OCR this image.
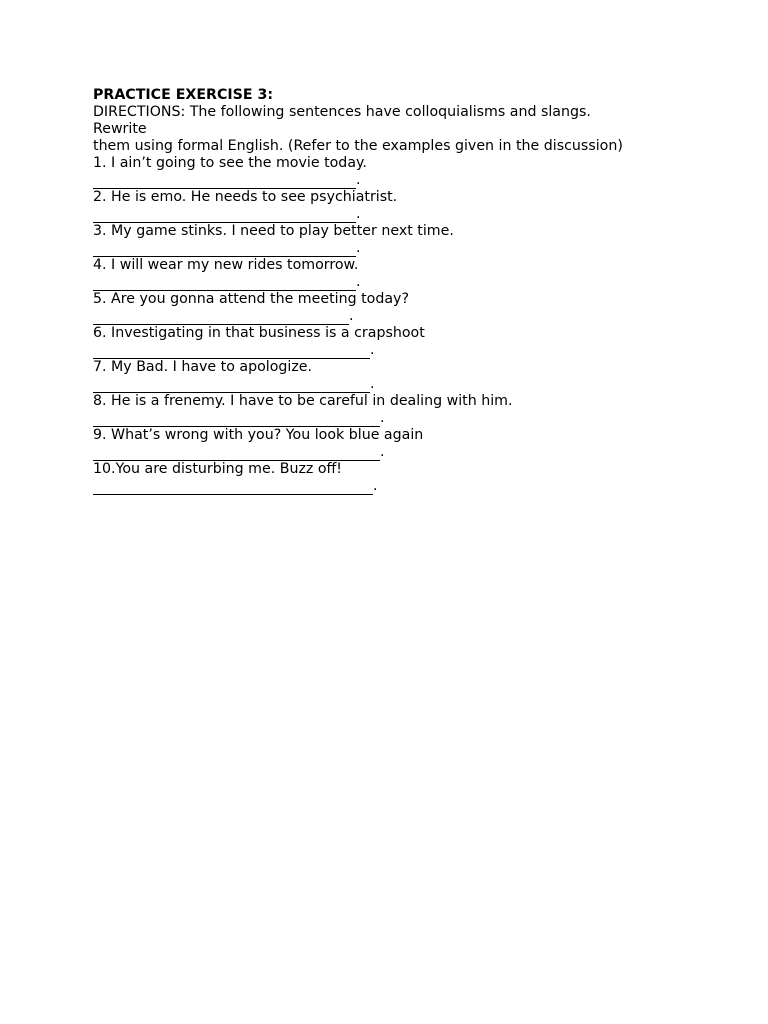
PRACTICE EXERCISE 3:

DIRECTIONS: The following sentences have colloquialisms and slangs.

Rewrite

them using formal English. (Refer to the examples given in the discussion)

1. I ain’t going to see the movie today.

.

2. He is emo. He needs to see psychiatrist.

.

3. My game stinks. I need to play better next time.

.

4. I will wear my new rides tomorrow.

.

5. Are you gonna attend the meeting today?

.

6. Investigating in that business is a crapshoot

.

7. My Bad. I have to apologize.

.

8. He is a frenemy. I have to be careful in dealing with him.

.

9. What’s wrong with you? You look blue again

.

10.You are disturbing me. Buzz off!

.
